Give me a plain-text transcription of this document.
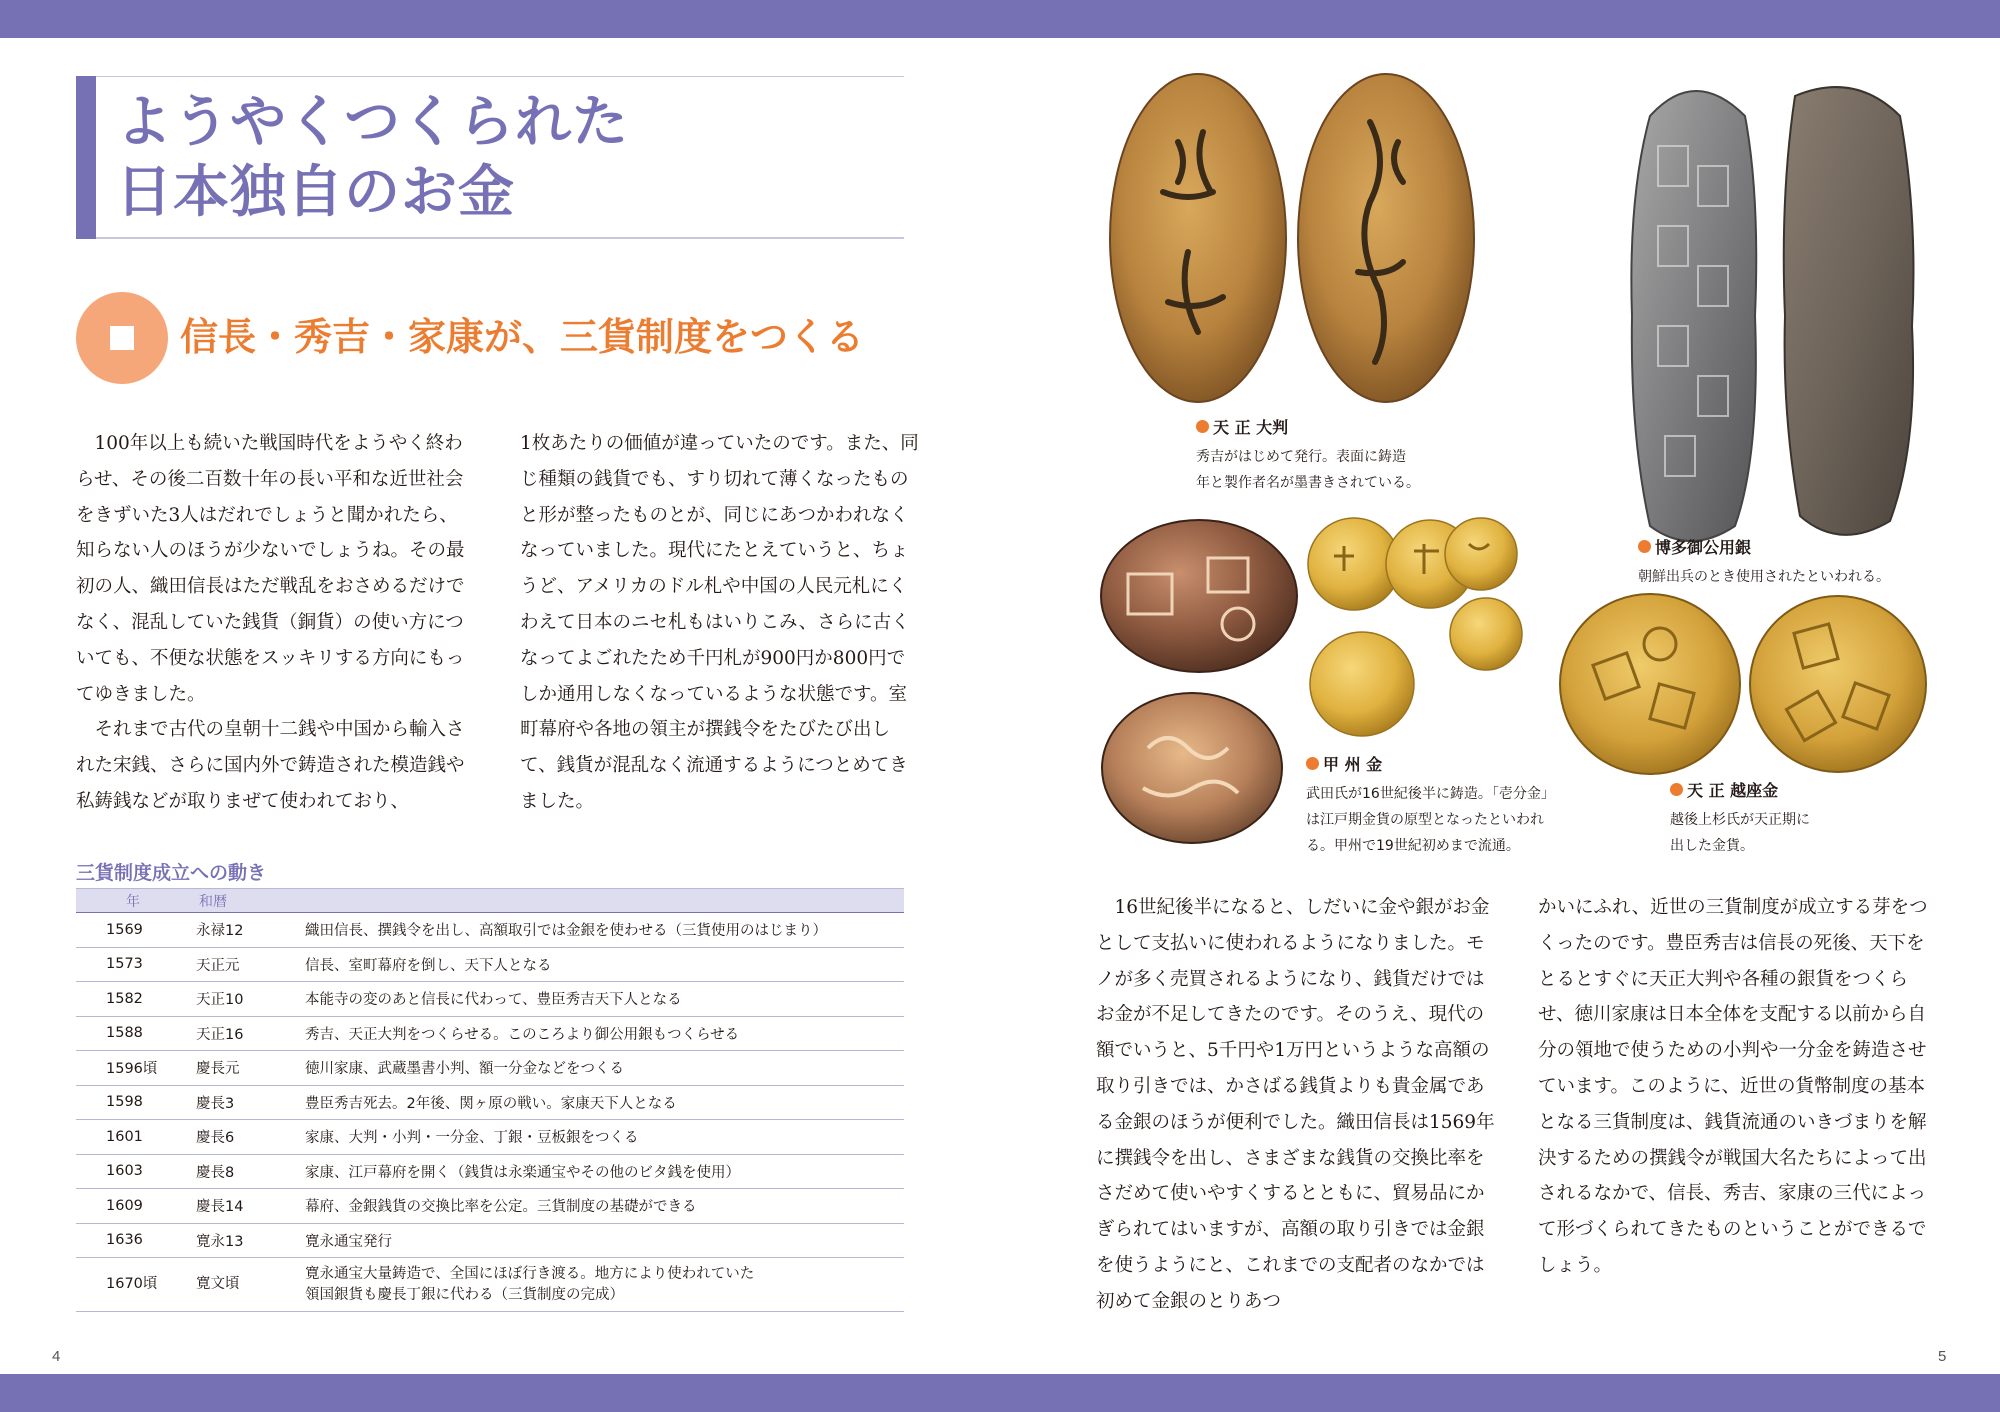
ようやくつくられた
日本独自のお金
信長・秀吉・家康が、三貨制度をつくる

100年以上も続いた戦国時代をようやく終わらせ、その後二百数十年の長い平和な近世社会をきずいた3人はだれでしょうと聞かれたら、知らない人のほうが少ないでしょうね。その最初の人、織田信長はただ戦乱をおさめるだけでなく、混乱していた銭貨（銅貨）の使い方についても、不便な状態をスッキリする方向にもってゆきました。

それまで古代の皇朝十二銭や中国から輸入された宋銭、さらに国内外で鋳造された模造銭や私鋳銭などが取りまぜて使われており、

1枚あたりの価値が違っていたのです。また、同じ種類の銭貨でも、すり切れて薄くなったものと形が整ったものとが、同じにあつかわれなくなっていました。現代にたとえていうと、ちょうど、アメリカのドル札や中国の人民元札にくわえて日本のニセ札もはいりこみ、さらに古くなってよごれたため千円札が900円か800円でしか通用しなくなっているような状態です。室町幕府や各地の領主が撰銭令をたびたび出して、銭貨が混乱なく流通するようにつとめてきました。
三貨制度成立への動き
年	和暦	
1569	永禄12	織田信長、撰銭令を出し、高額取引では金銀を使わせる（三貨使用のはじまり）
1573	天正元	信長、室町幕府を倒し、天下人となる
1582	天正10	本能寺の変のあと信長に代わって、豊臣秀吉天下人となる
1588	天正16	秀吉、天正大判をつくらせる。このころより御公用銀もつくらせる
1596頃	慶長元	徳川家康、武蔵墨書小判、額一分金などをつくる
1598	慶長3	豊臣秀吉死去。2年後、関ヶ原の戦い。家康天下人となる
1601	慶長6	家康、大判・小判・一分金、丁銀・豆板銀をつくる
1603	慶長8	家康、江戸幕府を開く（銭貨は永楽通宝やその他のビタ銭を使用）
1609	慶長14	幕府、金銀銭貨の交換比率を公定。三貨制度の基礎ができる
1636	寛永13	寛永通宝発行
1670頃	寛文頃	寛永通宝大量鋳造で、全国にほぼ行き渡る。地方により使われていた
領国銀貨も慶長丁銀に代わる（三貨制度の完成）
4	5
天 正 大判
秀吉がはじめて発行。表面に鋳造
年と製作者名が墨書きされている。
博多御公用銀
朝鮮出兵のとき使用されたといわれる。
甲 州 金
武田氏が16世紀後半に鋳造。「壱分金」
は江戸期金貨の原型となったといわれ
る。甲州で19世紀初めまで流通。
天 正 越座金
越後上杉氏が天正期に
出した金貨。

16世紀後半になると、しだいに金や銀がお金として支払いに使われるようになりました。モノが多く売買されるようになり、銭貨だけではお金が不足してきたのです。そのうえ、現代の額でいうと、5千円や1万円というような高額の取り引きでは、かさばる銭貨よりも貴金属である金銀のほうが便利でした。織田信長は1569年に撰銭令を出し、さまざまな銭貨の交換比率をさだめて使いやすくするとともに、貿易品にかぎられてはいますが、高額の取り引きでは金銀を使うようにと、これまでの支配者のなかでは初めて金銀のとりあつ

かいにふれ、近世の三貨制度が成立する芽をつくったのです。豊臣秀吉は信長の死後、天下をとるとすぐに天正大判や各種の銀貨をつくらせ、徳川家康は日本全体を支配する以前から自分の領地で使うための小判や一分金を鋳造させています。このように、近世の貨幣制度の基本となる三貨制度は、銭貨流通のいきづまりを解決するための撰銭令が戦国大名たちによって出されるなかで、信長、秀吉、家康の三代によって形づくられてきたものということができるでしょう。
